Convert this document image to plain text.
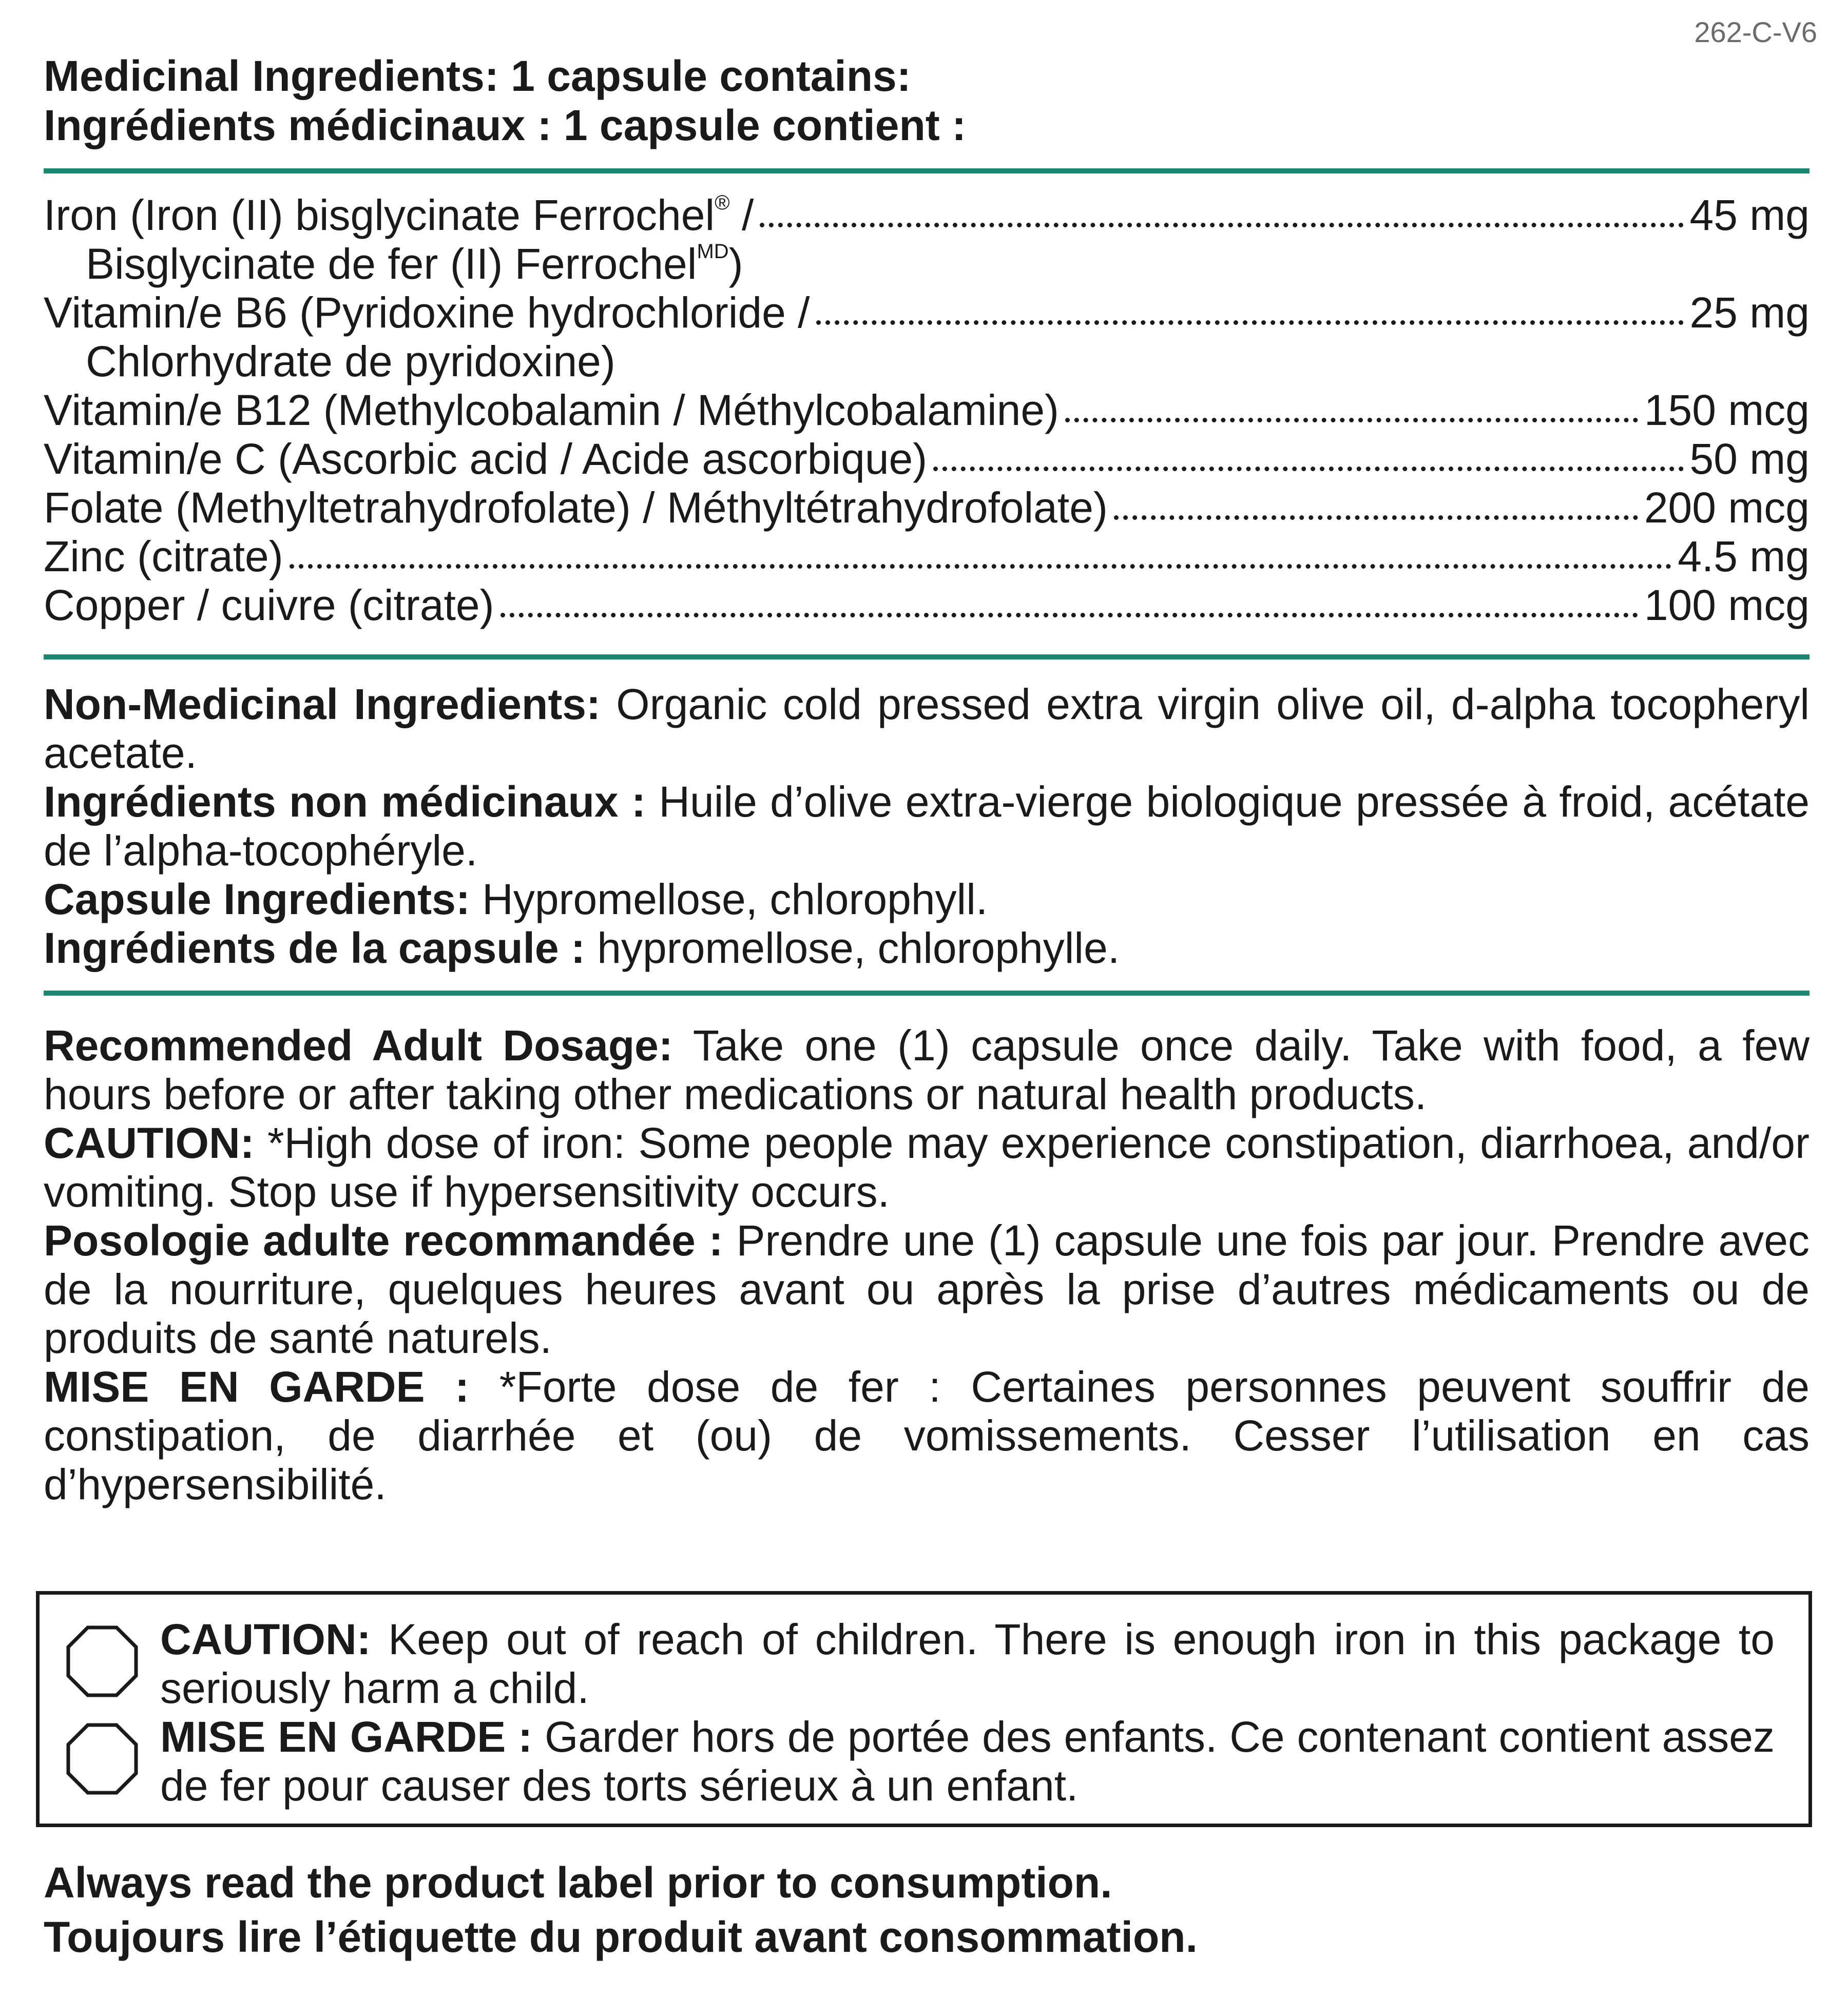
262-C-V6
Medicinal Ingredients: 1 capsule contains:
Ingrédients médicinaux : 1 capsule contient :
Iron (Iron (II) bisglycinate Ferrochel® /	45 mg
Bisglycinate de fer (II) Ferrochel$^{MD}$)
Vitamin/e B6 (Pyridoxine hydrochloride /	25 mg
Chlorhydrate de pyridoxine)
Vitamin/e B12 (Methylcobalamin / Méthylcobalamine)	150 mcg
Vitamin/e C (Ascorbic acid / Acide ascorbique)	50 mg
Folate (Methyltetrahydrofolate) / Méthyltétrahydrofolate)	200 mcg
Zinc (citrate)	4.5 mg
Copper / cuivre (citrate)	100 mcg

Non-Medicinal Ingredients: Organic cold pressed extra virgin olive oil, d-alpha tocopheryl acetate.

Ingrédients non médicinaux : Huile d’olive extra-vierge biologique pressée à froid, acétate de l’alpha-tocophéryle.

Capsule Ingredients: Hypromellose, chlorophyll.

Ingrédients de la capsule : hypromellose, chlorophylle.

Recommended Adult Dosage: Take one (1) capsule once daily. Take with food, a few hours before or after taking other medications or natural health products.

CAUTION: *High dose of iron: Some people may experience constipation, diarrhoea, and/or vomiting. Stop use if hypersensitivity occurs.

Posologie adulte recommandée : Prendre une (1) capsule une fois par jour. Prendre avec de la nourriture, quelques heures avant ou après la prise d’autres médicaments ou de produits de santé naturels.

MISE EN GARDE : *Forte dose de fer : Certaines personnes peuvent souffrir de constipation, de diarrhée et (ou) de vomissements. Cesser l’utilisation en cas d’hypersensibilité.

CAUTION: Keep out of reach of children. There is enough iron in this package to seriously harm a child.

MISE EN GARDE : Garder hors de portée des enfants. Ce contenant contient assez de fer pour causer des torts sérieux à un enfant.

Always read the product label prior to consumption.
Toujours lire l’étiquette du produit avant consommation.
